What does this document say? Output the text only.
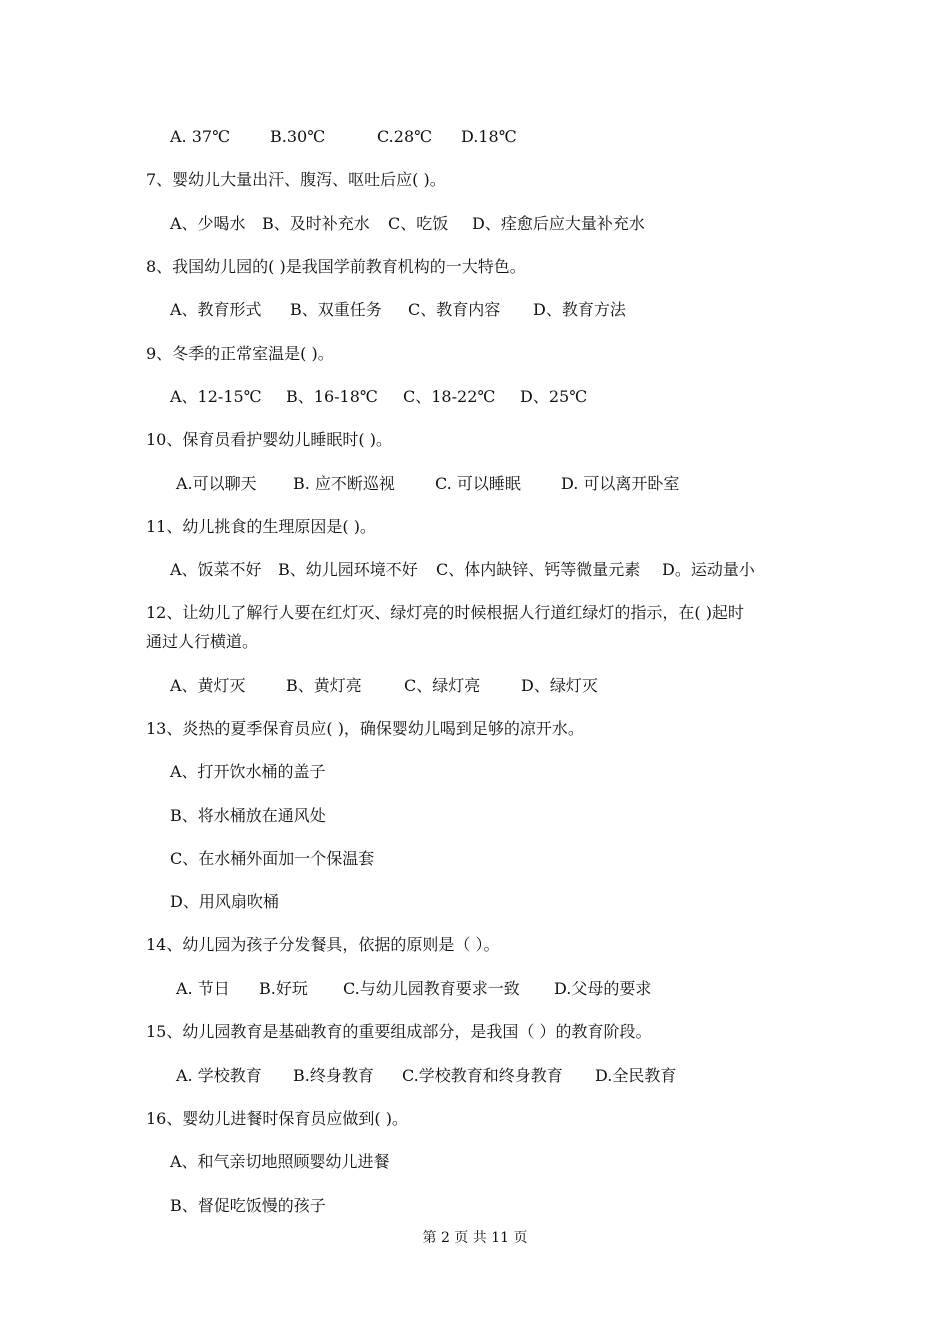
A. 37℃	B.30℃	C.28℃ D.18℃
7、婴幼儿大量出汗、腹泻、呕吐后应( )。
A、少喝水 B、及时补充水 C、吃饭 D、痊愈后应大量补充水
8、我国幼儿园的( )是我国学前教育机构的一大特色。
A、教育形式 B、双重任务 C、教育内容 D、教育方法
9、冬季的正常室温是( )。
A、12-15℃ B、16-18℃ C、18-22℃ D、25℃
10、保育员看护婴幼儿睡眠时( )。
A.可以聊天 B. 应不断巡视	C. 可以睡眠	D. 可以离开卧室
11、幼儿挑食的生理原因是( )。
A、饭菜不好 B、幼儿园环境不好 C、体内缺锌、钙等微量元素 D。运动量小
12、让幼儿了解行人要在红灯灭、绿灯亮的时候根据人行道红绿灯的指示，在( )起时
通过人行横道。
A、黄灯灭	B、黄灯亮	C、绿灯亮	D、绿灯灭
13、炎热的夏季保育员应( )，确保婴幼儿喝到足够的凉开水。
A、打开饮水桶的盖子
B、将水桶放在通风处
C、在水桶外面加一个保温套
D、用风扇吹桶
14、幼儿园为孩子分发餐具，依据的原则是（ ）。
A. 节日 B.好玩 C.与幼儿园教育要求一致 D.父母的要求
15、幼儿园教育是基础教育的重要组成部分，是我国（ ）的教育阶段。
A. 学校教育 B.终身教育 C.学校教育和终身教育 D.全民教育
16、婴幼儿进餐时保育员应做到( )。
A、和气亲切地照顾婴幼儿进餐
B、督促吃饭慢的孩子
第 2 页 共 11 页
